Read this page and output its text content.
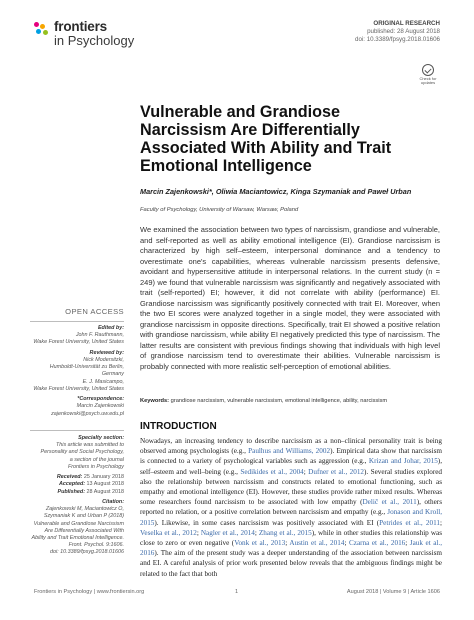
frontiers
in Psychology
ORIGINAL RESEARCH
published: 28 August 2018
doi: 10.3389/fpsyg.2018.01606
Check for updates
Vulnerable and Grandiose Narcissism Are Differentially Associated With Ability and Trait Emotional Intelligence
Marcin Zajenkowski*, Oliwia Maciantowicz, Kinga Szymaniak and Paweł Urban
Faculty of Psychology, University of Warsaw, Warsaw, Poland

We examined the association between two types of narcissism, grandiose and vulnerable, and self-reported as well as ability emotional intelligence (EI). Grandiose narcissism is characterized by high self–esteem, interpersonal dominance and a tendency to overestimate one's capabilities, whereas vulnerable narcissism presents defensive, avoidant and hypersensitive attitude in interpersonal relations. In the current study (n = 249) we found that vulnerable narcissism was significantly and negatively associated with trait (self-reported) EI; however, it did not correlate with ability (performance) EI. Grandiose narcissism was significantly positively connected with trait EI. Moreover, when the two EI scores were analyzed together in a single model, they were associated with grandiose narcissism in opposite directions. Specifically, trait EI showed a positive relation with grandiose narcissism, while ability EI negatively predicted this type of narcissism. The latter results are consistent with previous findings showing that individuals with high level of grandiose narcissism tend to overestimate their abilities. Vulnerable narcissism is probably connected with more realistic self-perception of emotional abilities.

Keywords: grandiose narcissism, vulnerable narcissism, emotional intelligence, ability, narcissism
INTRODUCTION

Nowadays, an increasing tendency to describe narcissism as a non–clinical personality trait is being observed among psychologists (e.g., Paulhus and Williams, 2002). Empirical data show that narcissism is connected to a variety of psychological variables such as aggression (e.g., Krizan and Johar, 2015), self–esteem and well–being (e.g., Sedikides et al., 2004; Dufner et al., 2012). Several studies explored also the relationship between narcissism and constructs related to emotional functioning, such as empathy and emotional intelligence (EI). However, these studies provide rather mixed results. Whereas some researchers found narcissism to be associated with low empathy (Delič et al., 2011), others reported no relation, or a positive correlation between narcissism and empathy (e.g., Jonason and Kroll, 2015). Likewise, in some cases narcissism was positively associated with EI (Petrides et al., 2011; Veselka et al., 2012; Nagler et al., 2014; Zhang et al., 2015), while in other studies this relationship was close to zero or even negative (Vonk et al., 2013; Austin et al., 2014; Czarna et al., 2016; Jauk et al., 2016). The aim of the present study was a deeper understanding of the association between narcissism and EI. A careful analysis of prior work presented below reveals that the ambiguous findings might be related to the fact that both

OPEN ACCESS
Edited by:
John F. Rauthmann,
Wake Forest University, United States
Reviewed by:
Nick Modersitzki,
Humboldt-Universität zu Berlin,
Germany
E. J. Masicampo,
Wake Forest University, United States
*Correspondence:
Marcin Zajenkowski
zajenkowski@psych.uw.edu.pl
Specialty section:
This article was submitted to
Personality and Social Psychology,
a section of the journal
Frontiers in Psychology
Received: 25 January 2018
Accepted: 13 August 2018
Published: 28 August 2018
Citation:
Zajenkowski M, Maciantowicz O,
Szymaniak K and Urban P (2018)
Vulnerable and Grandiose Narcissism
Are Differentially Associated With
Ability and Trait Emotional Intelligence.
Front. Psychol. 9:1606.
doi: 10.3389/fpsyg.2018.01606
Frontiers in Psychology | www.frontiersin.org	1	August 2018 | Volume 9 | Article 1606
